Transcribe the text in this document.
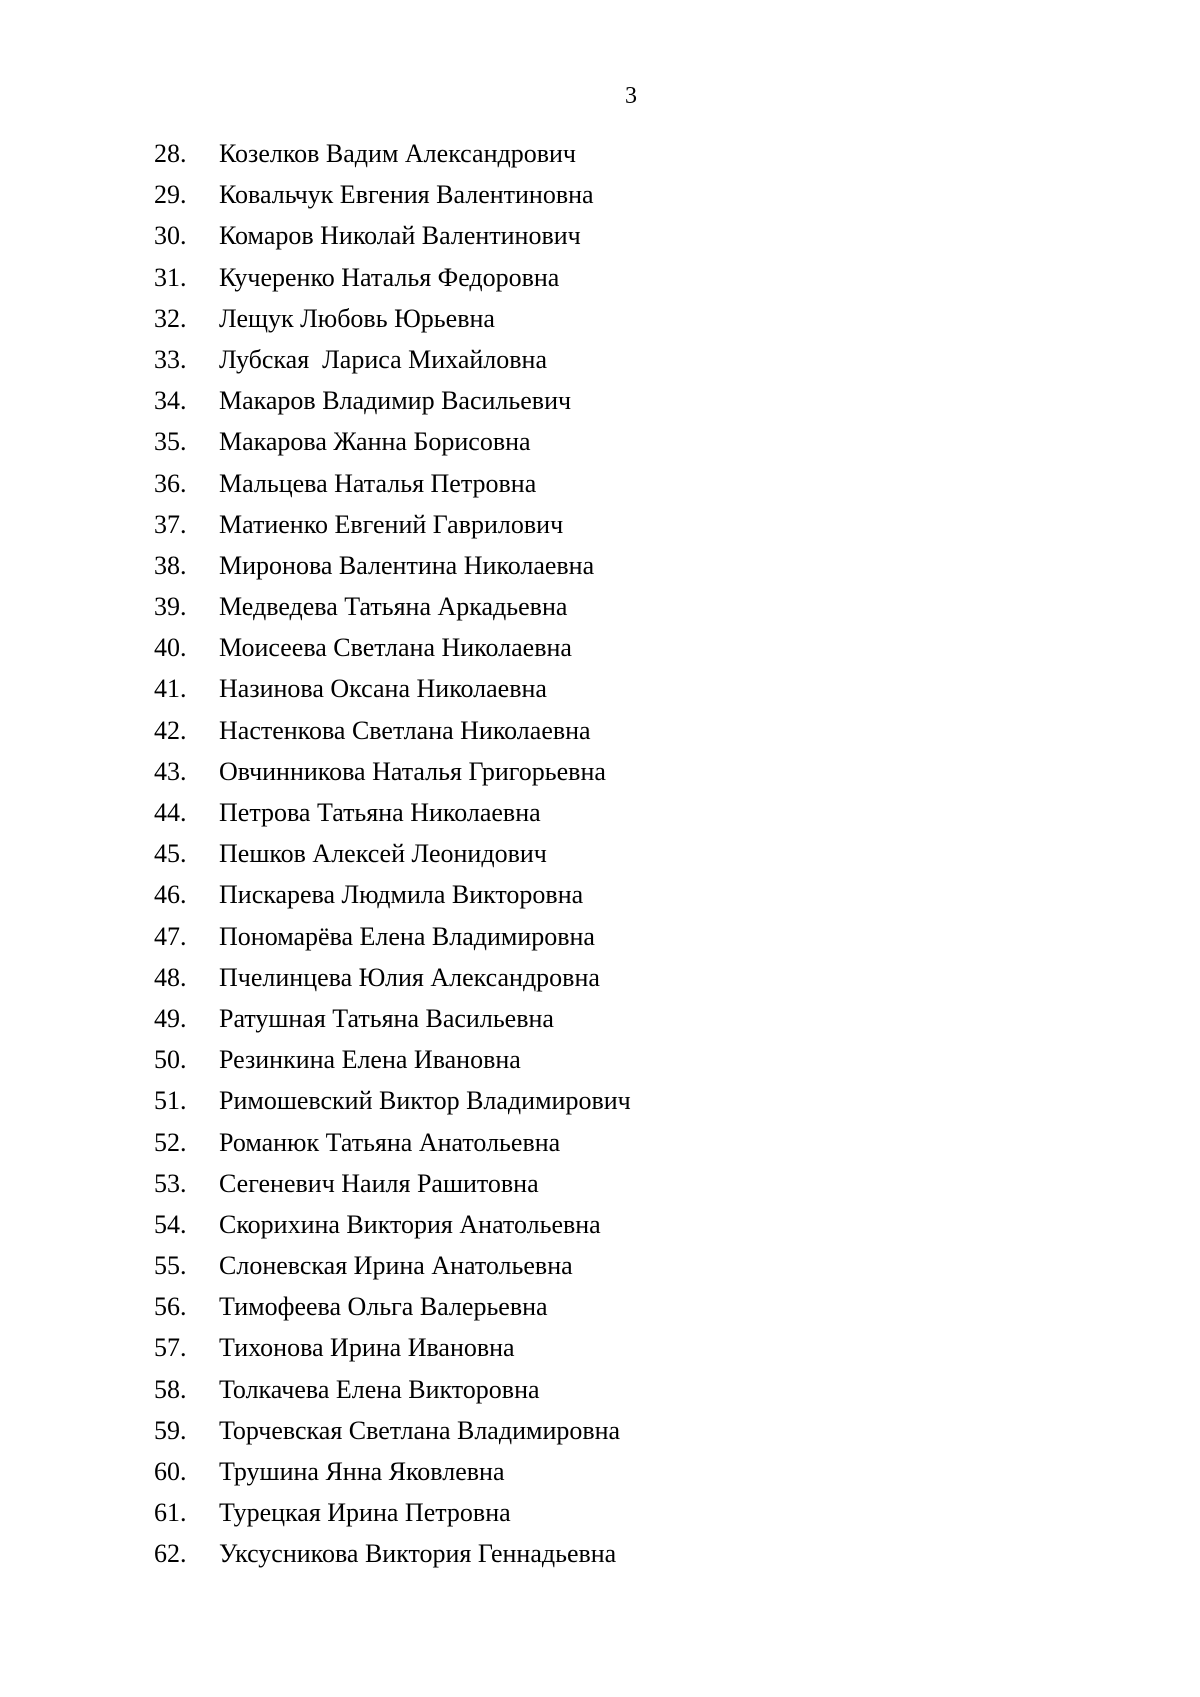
3
28.	Козелков Вадим Александрович
29.	Ковальчук Евгения Валентиновна
30.	Комаров Николай Валентинович
31.	Кучеренко Наталья Федоровна
32.	Лещук Любовь Юрьевна
33.	Лубская  Лариса Михайловна
34.	Макаров Владимир Васильевич
35.	Макарова Жанна Борисовна
36.	Мальцева Наталья Петровна
37.	Матиенко Евгений Гаврилович
38.	Миронова Валентина Николаевна
39.	Медведева Татьяна Аркадьевна
40.	Моисеева Светлана Николаевна
41.	Назинова Оксана Николаевна
42.	Настенкова Светлана Николаевна
43.	Овчинникова Наталья Григорьевна
44.	Петрова Татьяна Николаевна
45.	Пешков Алексей Леонидович
46.	Пискарева Людмила Викторовна
47.	Пономарёва Елена Владимировна
48.	Пчелинцева Юлия Александровна
49.	Ратушная Татьяна Васильевна
50.	Резинкина Елена Ивановна
51.	Римошевский Виктор Владимирович
52.	Романюк Татьяна Анатольевна
53.	Сегеневич Наиля Рашитовна
54.	Скорихина Виктория Анатольевна
55.	Слоневская Ирина Анатольевна
56.	Тимофеева Ольга Валерьевна
57.	Тихонова Ирина Ивановна
58.	Толкачева Елена Викторовна
59.	Торчевская Светлана Владимировна
60.	Трушина Янна Яковлевна
61.	Турецкая Ирина Петровна
62.	Уксусникова Виктория Геннадьевна
